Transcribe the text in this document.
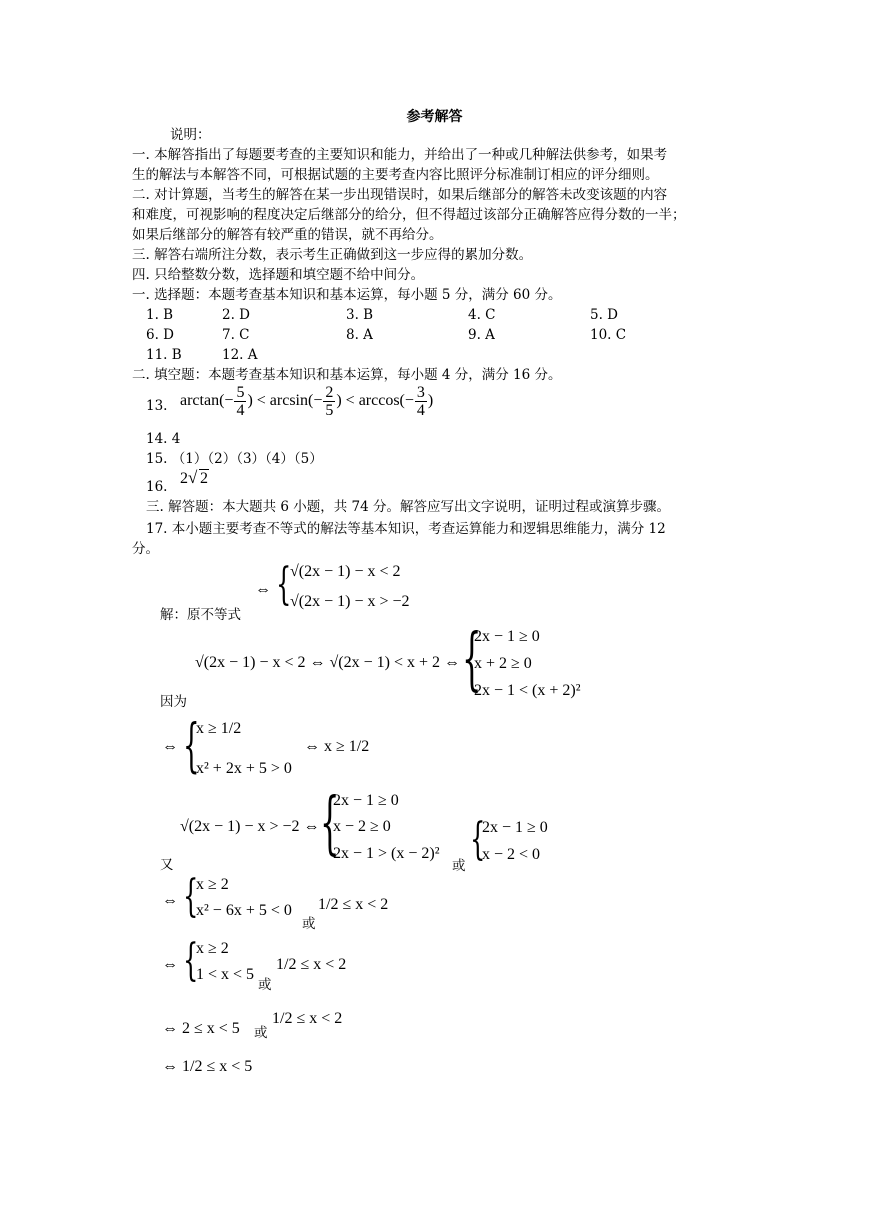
参考解答
说明：
一. 本解答指出了每题要考查的主要知识和能力，并给出了一种或几种解法供参考，如果考
生的解法与本解答不同，可根据试题的主要考查内容比照评分标准制订相应的评分细则。
二. 对计算题，当考生的解答在某一步出现错误时，如果后继部分的解答未改变该题的内容
和难度，可视影响的程度决定后继部分的给分，但不得超过该部分正确解答应得分数的一半；
如果后继部分的解答有较严重的错误，就不再给分。
三. 解答右端所注分数，表示考生正确做到这一步应得的累加分数。
四. 只给整数分数，选择题和填空题不给中间分。
一. 选择题：本题考查基本知识和基本运算，每小题 5 分，满分 60 分。
1. B	2. D	3. B	4. C	5. D
6. D	7. C	8. A	9. A	10. C
11. B	12. A
二. 填空题：本题考查基本知识和基本运算，每小题 4 分，满分 16 分。
13. $\arctan(- \frac{5}{4}$ ) < $\arcsin(- \frac{2}{5}$ ) < $\arccos(- \frac{3}{4}$ )
14. 4
15. （1）（2）（3）（4）（5）
16. 2√ 2
三. 解答题：本大题共 6 小题，共 74 分。解答应写出文字说明，证明过程或演算步骤。
17. 本小题主要考查不等式的解法等基本知识，考查运算能力和逻辑思维能力，满分 12
分。
⇔ {
√(2x − 1) − x < 2
√(2x − 1) − x > −2
解：原不等式
√(2x − 1) − x < 2 ⇔ √(2x − 1) < x + 2 ⇔ {
2x − 1 ≥ 0
x + 2 ≥ 0
2x − 1 < (x + 2)²
因为
⇔ {
x ≥ 1/2
x² + 2x + 5 > 0
⇔ x ≥ 1/2
√(2x − 1) − x > −2 ⇔ {
2x − 1 ≥ 0
x − 2 ≥ 0
2x − 1 > (x − 2)²
或
{
2x − 1 ≥ 0
x − 2 < 0
又
⇔ {
x ≥ 2
x² − 6x + 5 < 0
或
1/2 ≤ x < 2
⇔ {
x ≥ 2
1 < x < 5
或
1/2 ≤ x < 2
⇔ 2 ≤ x < 5 或
1/2 ≤ x < 2
⇔ 1/2 ≤ x < 5
